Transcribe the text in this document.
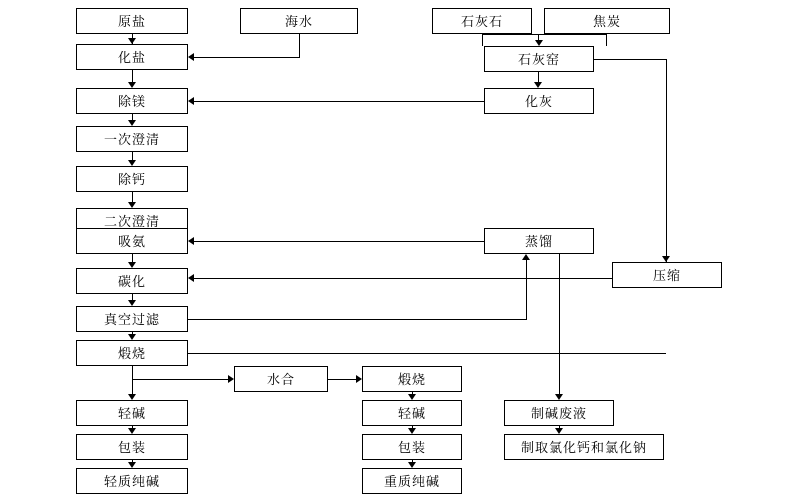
原盐	海水	石灰石	焦炭
化盐	石灰窑
除镁	化灰
一次澄清
除钙
二次澄清
吸氨	蒸馏
碳化	压缩
真空过滤
煅烧
水合	煅烧
轻碱	轻碱	制碱废液
包装	包装	制取氯化钙和氯化钠
轻质纯碱	重质纯碱
